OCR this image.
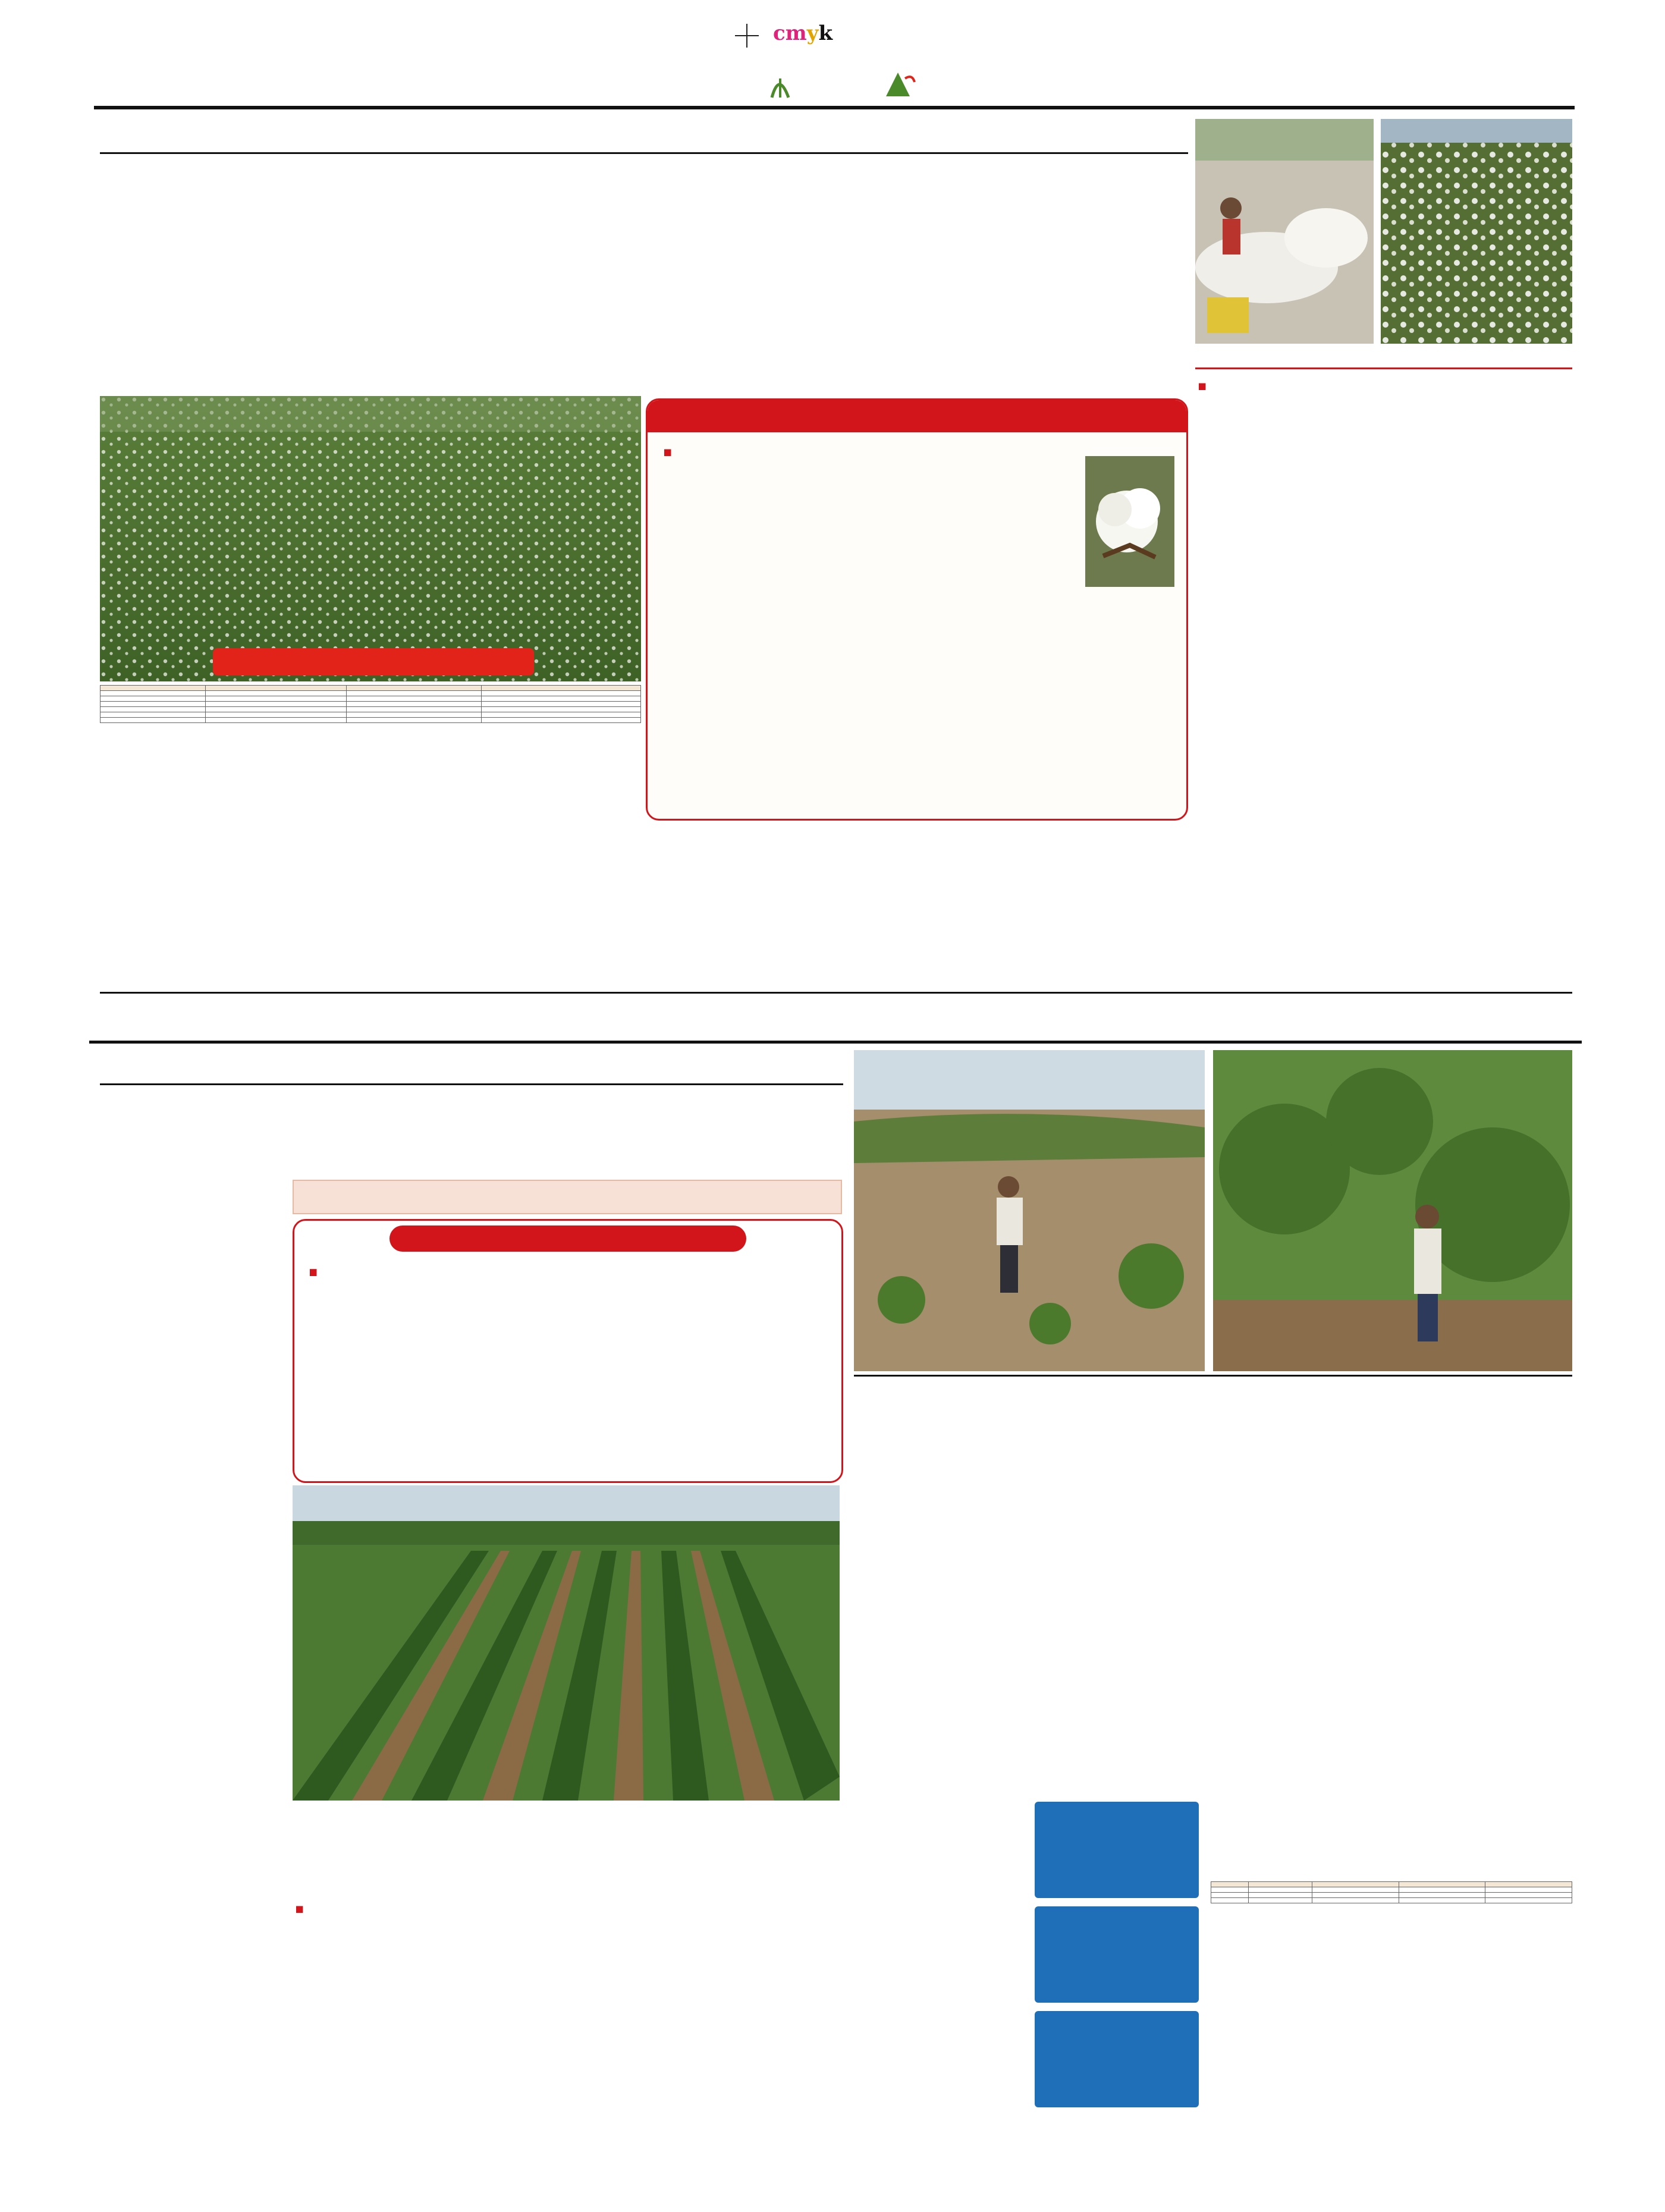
cmyk
